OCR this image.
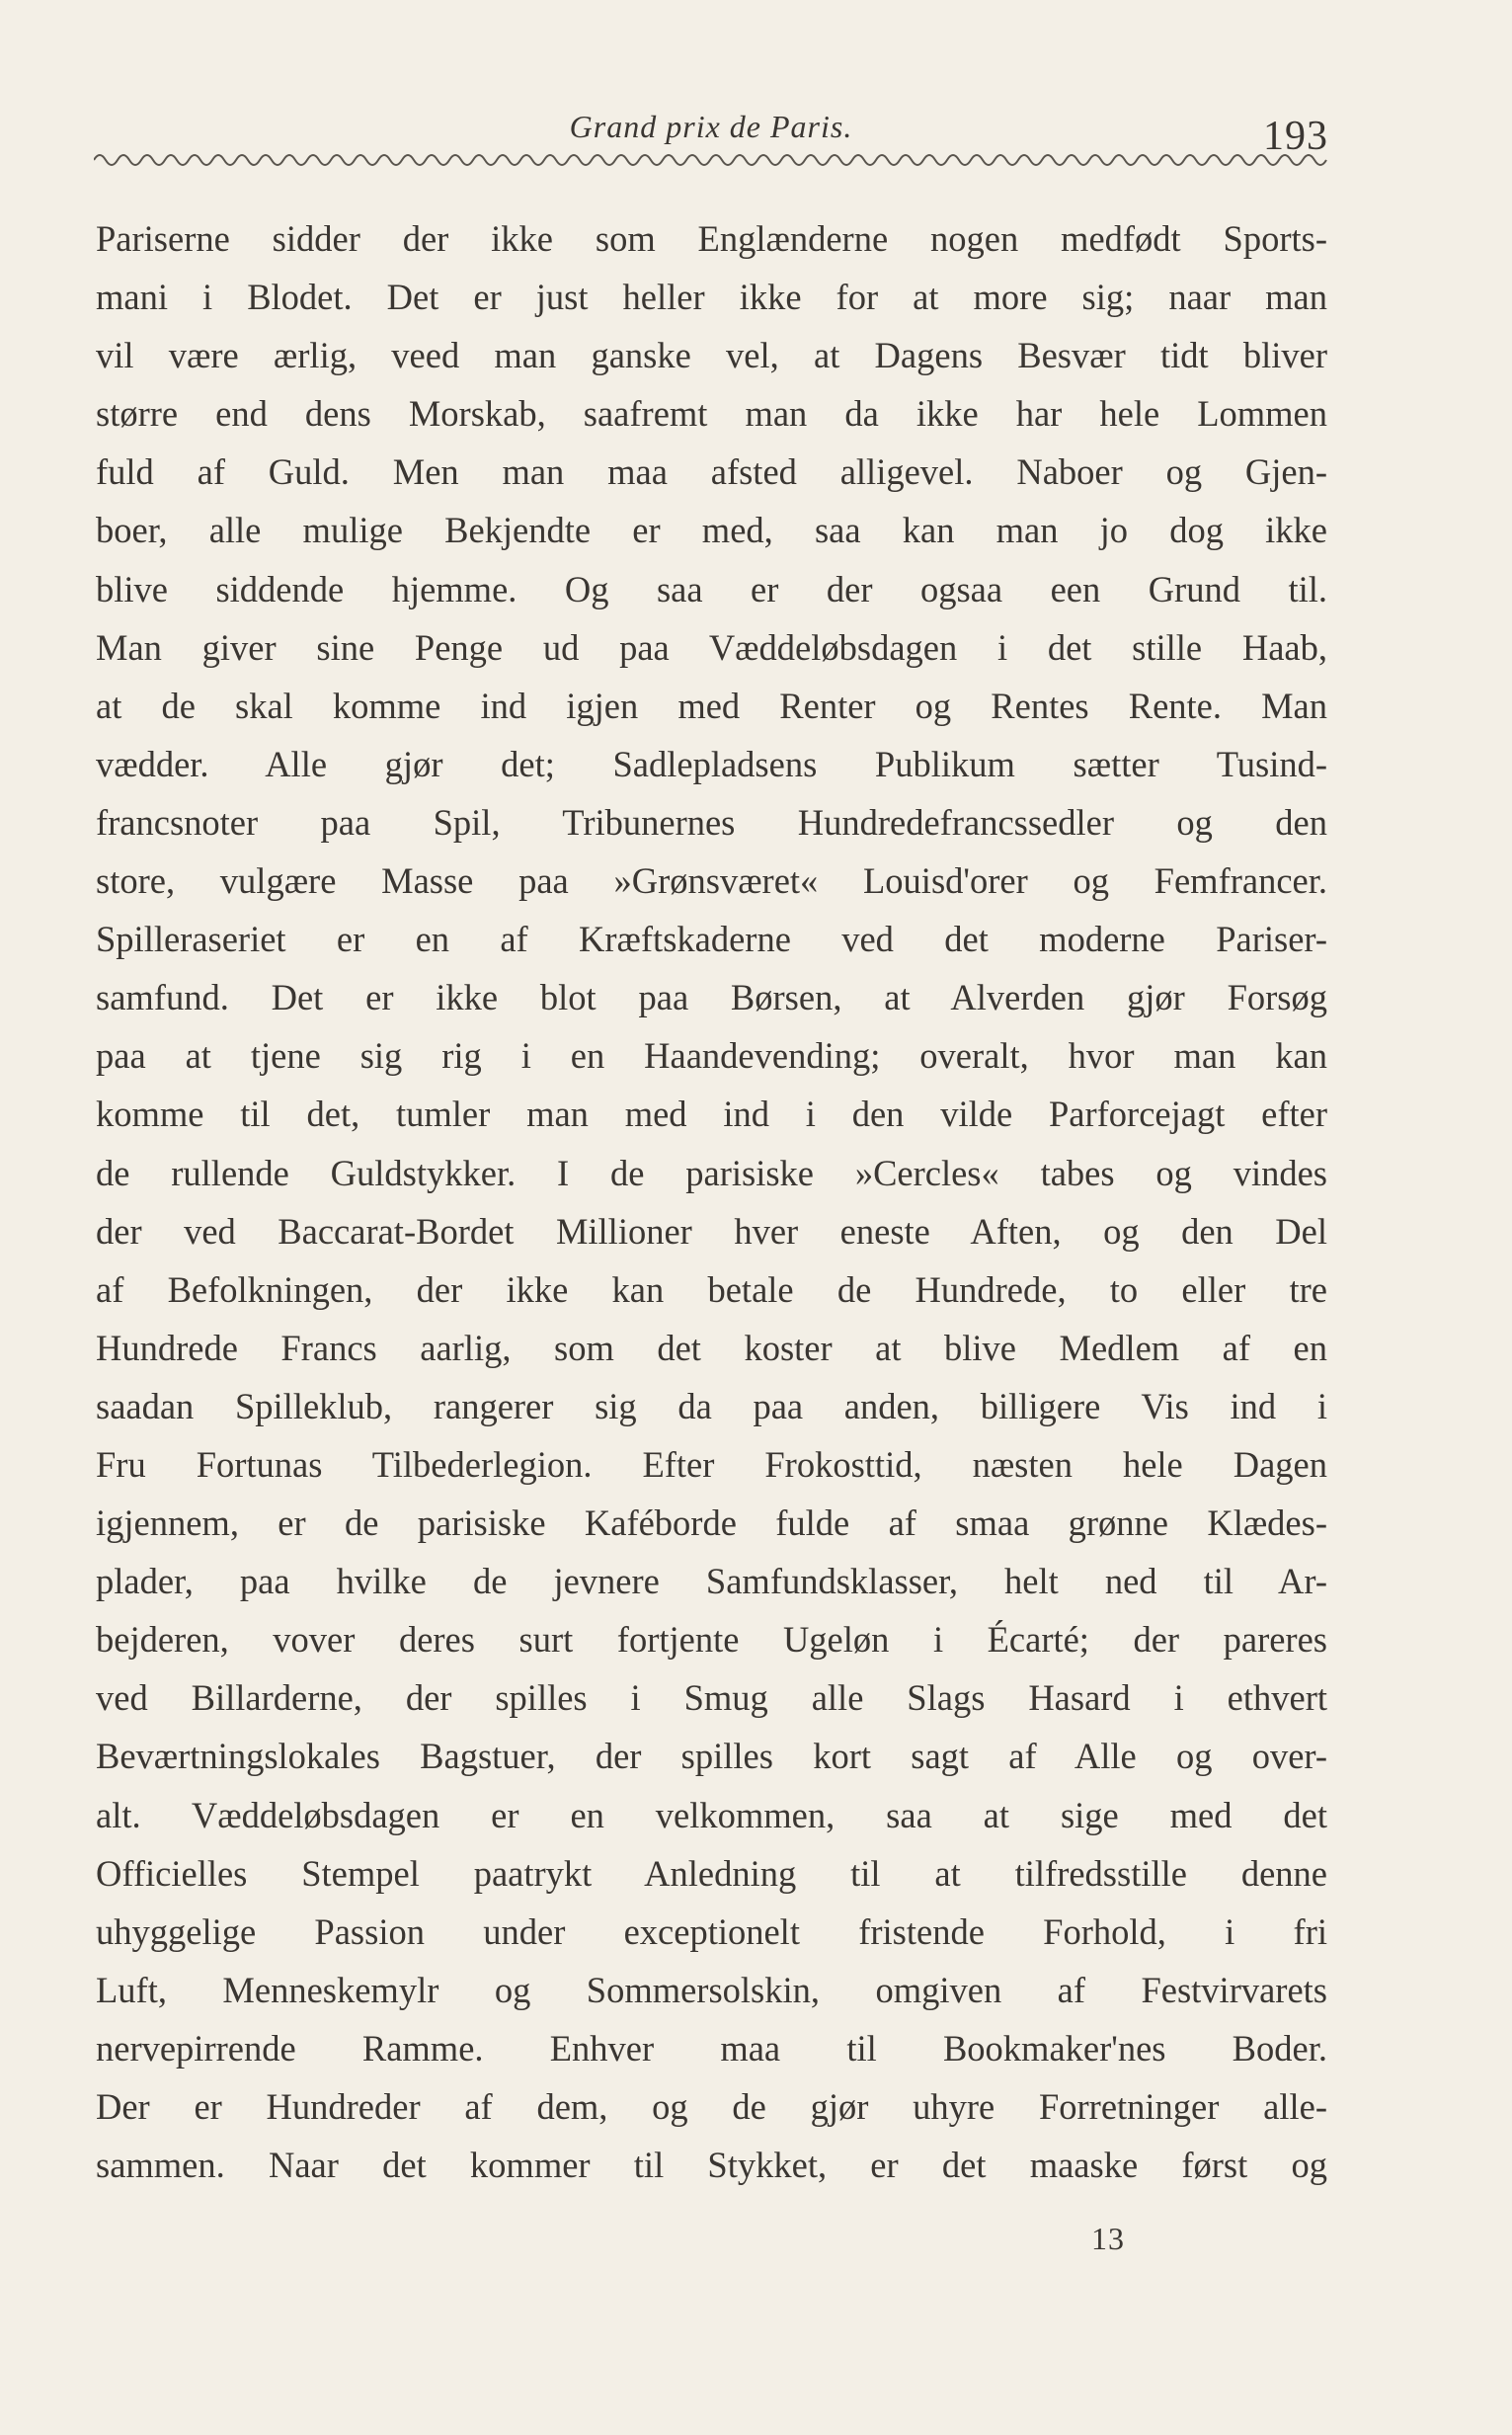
Grand prix de Paris.	193
Pariserne sidder der ikke som Englænderne nogen medfødt Sports-
mani i Blodet. Det er just heller ikke for at more sig; naar man
vil være ærlig, veed man ganske vel, at Dagens Besvær tidt bliver
større end dens Morskab, saafremt man da ikke har hele Lommen
fuld af Guld. Men man maa afsted alligevel. Naboer og Gjen-
boer, alle mulige Bekjendte er med, saa kan man jo dog ikke
blive siddende hjemme. Og saa er der ogsaa een Grund til.
Man giver sine Penge ud paa Væddeløbsdagen i det stille Haab,
at de skal komme ind igjen med Renter og Rentes Rente. Man
vædder. Alle gjør det; Sadlepladsens Publikum sætter Tusind-
francsnoter paa Spil, Tribunernes Hundredefrancssedler og den
store, vulgære Masse paa »Grønsværet« Louisd'orer og Femfrancer.
Spilleraseriet er en af Kræftskaderne ved det moderne Pariser-
samfund. Det er ikke blot paa Børsen, at Alverden gjør Forsøg
paa at tjene sig rig i en Haandevending; overalt, hvor man kan
komme til det, tumler man med ind i den vilde Parforcejagt efter
de rullende Guldstykker. I de parisiske »Cercles« tabes og vindes
der ved Baccarat-Bordet Millioner hver eneste Aften, og den Del
af Befolkningen, der ikke kan betale de Hundrede, to eller tre
Hundrede Francs aarlig, som det koster at blive Medlem af en
saadan Spilleklub, rangerer sig da paa anden, billigere Vis ind i
Fru Fortunas Tilbederlegion. Efter Frokosttid, næsten hele Dagen
igjennem, er de parisiske Kaféborde fulde af smaa grønne Klædes-
plader, paa hvilke de jevnere Samfundsklasser, helt ned til Ar-
bejderen, vover deres surt fortjente Ugeløn i Écarté; der pareres
ved Billarderne, der spilles i Smug alle Slags Hasard i ethvert
Beværtningslokales Bagstuer, der spilles kort sagt af Alle og over-
alt. Væddeløbsdagen er en velkommen, saa at sige med det
Officielles Stempel paatrykt Anledning til at tilfredsstille denne
uhyggelige Passion under exceptionelt fristende Forhold, i fri
Luft, Menneskemylr og Sommersolskin, omgiven af Festvirvarets
nervepirrende Ramme. Enhver maa til Bookmaker'nes Boder.
Der er Hundreder af dem, og de gjør uhyre Forretninger alle-
sammen. Naar det kommer til Stykket, er det maaske først og
13
